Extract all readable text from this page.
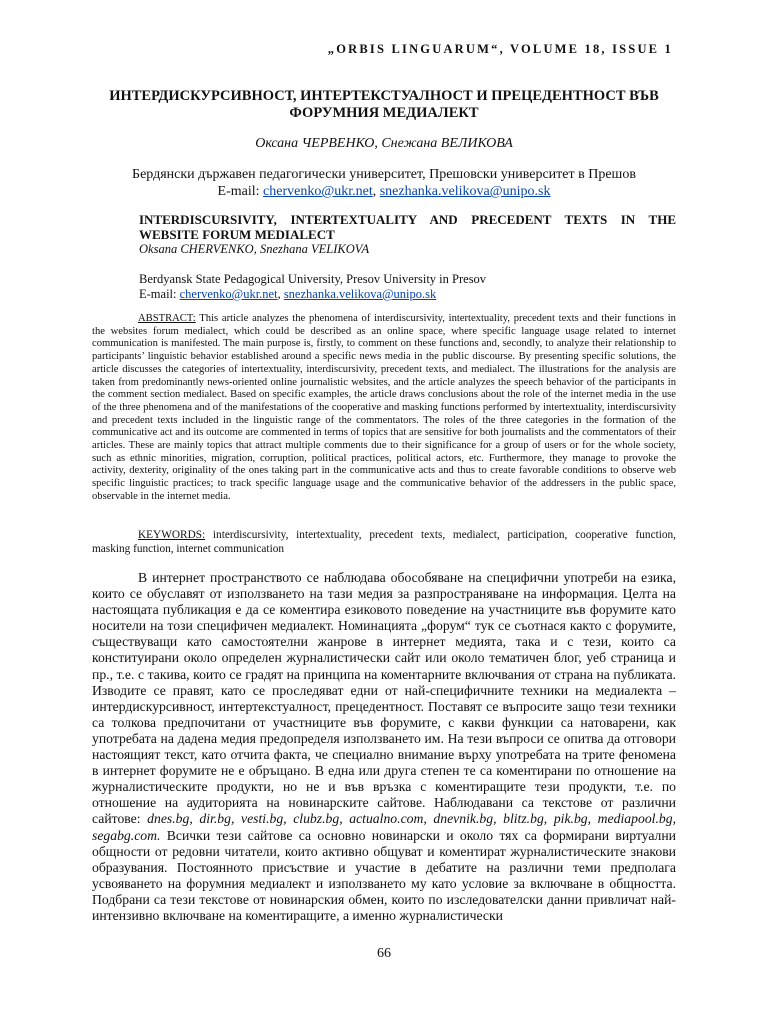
„ORBIS LINGUARUM“, VOLUME 18, ISSUE 1
ИНТЕРДИСКУРСИВНОСТ, ИНТЕРТЕКСТУАЛНОСТ И ПРЕЦЕДЕНТНОСТ ВЪВ ФОРУМНИЯ МЕДИАЛЕКТ
Оксана ЧЕРВЕНКО, Снежана ВЕЛИКОВА
Бердянски държавен педагогически университет, Прешовски университет в Прешов
E-mail: chervenko@ukr.net, snezhanka.velikova@unipo.sk
INTERDISCURSIVITY, INTERTEXTUALITY AND PRECEDENT TEXTS IN THE WEBSITE FORUM MEDIALECT
Oksana CHERVENKO, Snezhana VELIKOVA
Berdyansk State Pedagogical University, Presov University in Presov
E-mail: chervenko@ukr.net, snezhanka.velikova@unipo.sk
ABSTRACT: This article analyzes the phenomena of interdiscursivity, intertextuality, precedent texts and their functions in the websites forum medialect, which could be described as an online space, where specific language usage related to internet communication is manifested. The main purpose is, firstly, to comment on these functions and, secondly, to analyze their relationship to participants’ linguistic behavior established around a specific news media in the public discourse. By presenting specific solutions, the article discusses the categories of intertextuality, interdiscursivity, precedent texts, and medialect. The illustrations for the analysis are taken from predominantly news-oriented online journalistic websites, and the article analyzes the speech behavior of the participants in the comment section medialect. Based on specific examples, the article draws conclusions about the role of the internet media in the use of the three phenomena and of the manifestations of the cooperative and masking functions performed by intertextuality, interdiscursivity and precedent texts included in the linguistic range of the commentators. The roles of the three categories in the formation of the communicative act and its outcome are commented in terms of topics that are sensitive for both journalists and the commentators of their articles. These are mainly topics that attract multiple comments due to their significance for a group of users or for the whole society, such as ethnic minorities, migration, corruption, political practices, political actors, etc. Furthermore, they manage to provoke the activity, dexterity, originality of the ones taking part in the communicative acts and thus to create favorable conditions to observe web specific linguistic practices; to track specific language usage and the communicative behavior of the addressers in the public space, observable in the internet media.
KEYWORDS: interdiscursivity, intertextuality, precedent texts, medialect, participation, cooperative function, masking function, internet communication
В интернет пространството се наблюдава обособяване на специфични употреби на езика, които се обуславят от използването на тази медия за разпространяване на информация. Целта на настоящата публикация е да се коментира езиковото поведение на участниците във форумите като носители на този специфичен медиалект. Номинацията „форум“ тук се съотнася както с форумите, съществуващи като самостоятелни жанрове в интернет медията, така и с тези, които са конституирани около определен журналистически сайт или около тематичен блог, уеб страница и пр., т.е. с такива, които се градят на принципа на коментарните включвания от страна на публиката. Изводите се правят, като се проследяват едни от най-специфичните техники на медиалекта – интердискурсивност, интертекстуалност, прецедентност. Поставят се въпросите защо тези техники са толкова предпочитани от участниците във форумите, с какви функции са натоварени, как употребата на дадена медия предопределя използването им. На тези въпроси се опитва да отговори настоящият текст, като отчита факта, че специално внимание върху употребата на трите феномена в интернет форумите не е обръщано. В една или друга степен те са коментирани по отношение на журналистическите продукти, но не и във връзка с коментиращите тези продукти, т.е. по отношение на аудиторията на новинарските сайтове. Наблюдавани са текстове от различни сайтове: dnes.bg, dir.bg, vesti.bg, clubz.bg, actualno.com, dnevnik.bg, blitz.bg, pik.bg, mediapool.bg, segabg.com. Всички тези сайтове са основно новинарски и около тях са формирани виртуални общности от редовни читатели, които активно общуват и коментират журналистическите знакови образувания. Постоянното присъствие и участие в дебатите на различни теми предполага усвояването на форумния медиалект и използването му като условие за включване в общността. Подбрани са тези текстове от новинарския обмен, които по изследователски данни привличат най-интензивно включване на коментиращите, а именно журналистически
66
